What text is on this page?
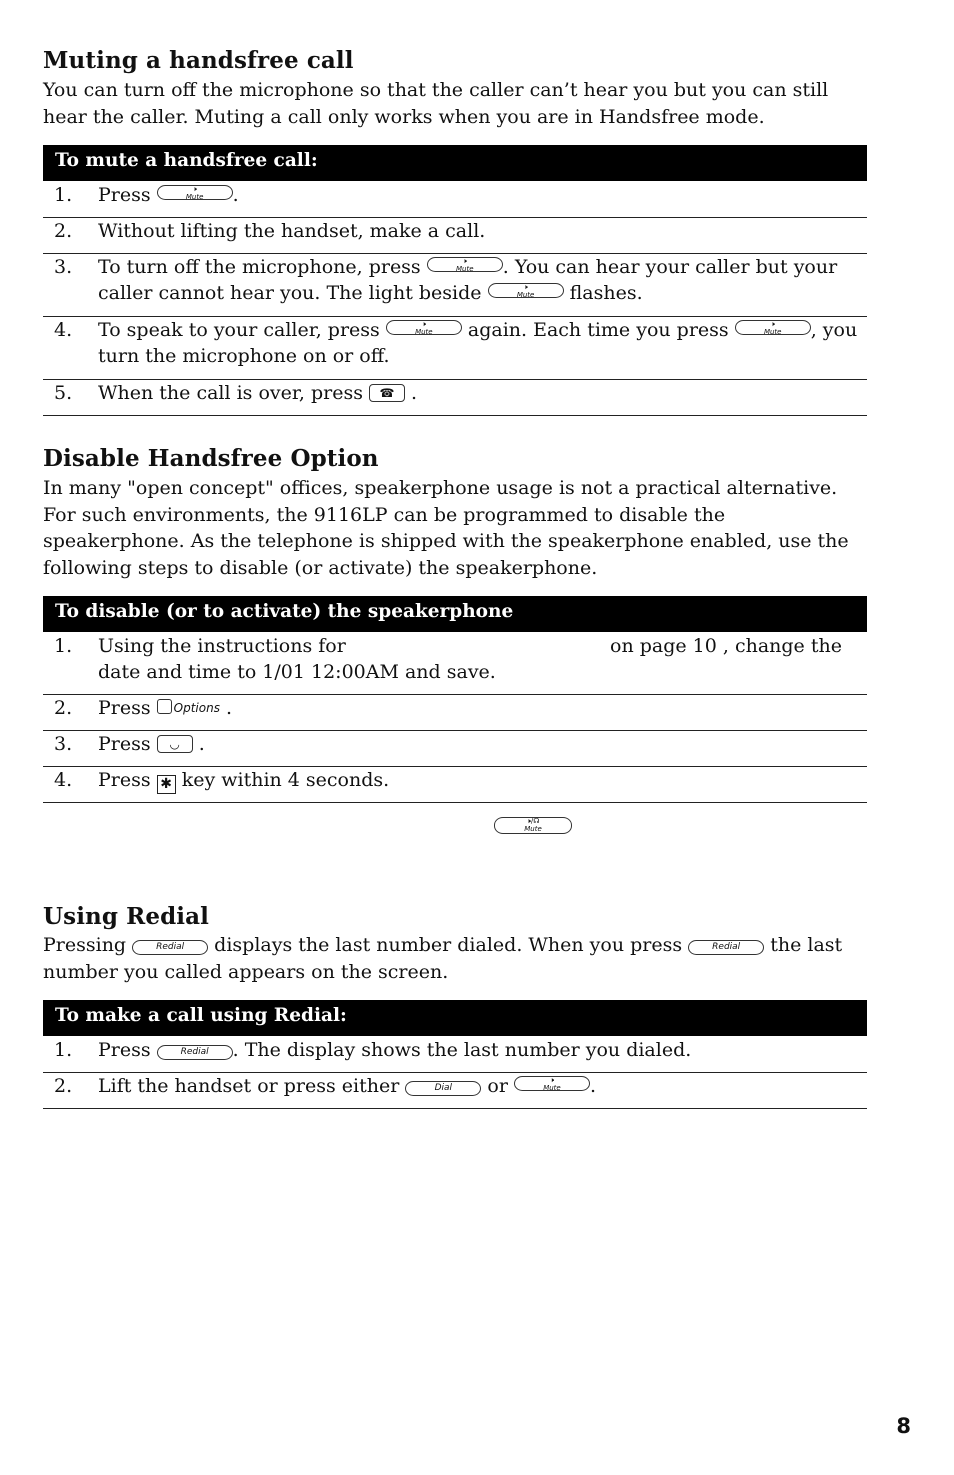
Muting a handsfree call
You can turn off the microphone so that the caller can’t hear you but you can still hear the caller. Muting a call only works when you are in Handsfree mode.
To mute a handsfree call:
1. Press	🕨
Mute .
2. Without lifting the handset, make a call.
3. To turn off the microphone, press	🕨
Mute . You can hear your caller but your caller cannot hear you. The light beside	🕨
Mute flashes.
4. To speak to your caller, press	🕨
Mute again. Each time you press	🕨
Mute , you turn the microphone on or off.
5. When the call is over, press ☎ .
Disable Handsfree Option
In many "open concept" offices, speakerphone usage is not a practical alternative. For such environments, the 9116LP can be programmed to disable the speakerphone. As the telephone is shipped with the speakerphone enabled, use the following steps to disable (or activate) the speakerphone.
To disable (or to activate) the speakerphone
1. Using the instructions for	on page 10 , change the
date and time to 1/01 12:00AM and save.
2. Press Options .
3. Press ◡ .
4. Press ✱ key within 4 seconds.
🕨/☊
Mute
Using Redial
Pressing	Redial displays the last number dialed. When you press	Redial the last number you called appears on the screen.
To make a call using Redial:
1. Press	Redial . The display shows the last number you dialed.
2. Lift the handset or press either	Dial or	🕨
Mute .
8
